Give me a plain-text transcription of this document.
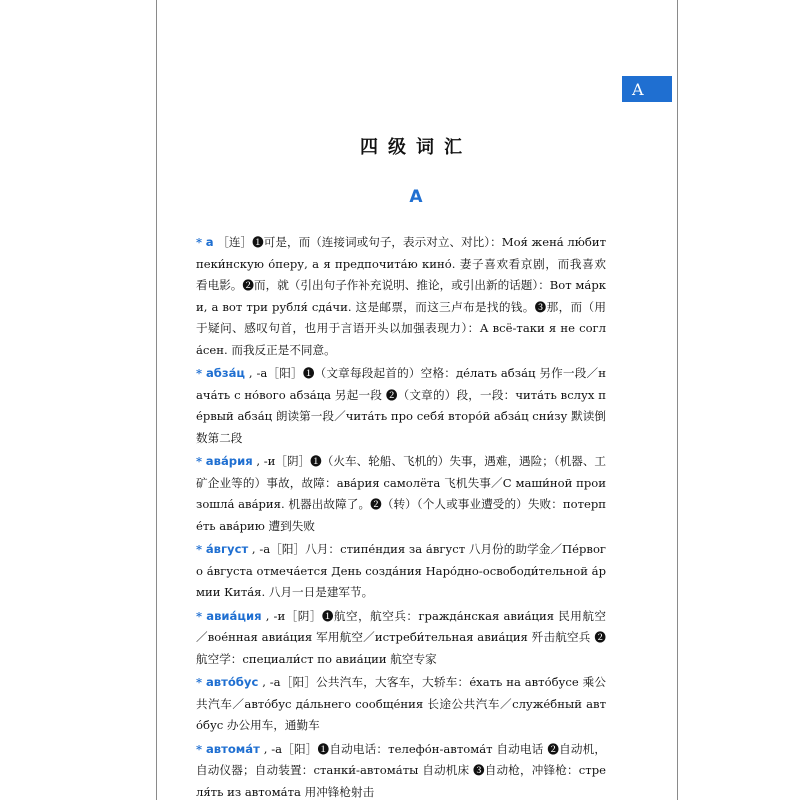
A
四级词汇
A
* а ［连］❶可是，而（连接词或句子，表示对立、对比）：Моя́ жена́ лю́бит пеки́нскую о́перу, а я предпочита́ю кино́. 妻子喜欢看京剧，而我喜欢看电影。❷而，就（引出句子作补充说明、推论，或引出新的话题）：Вот ма́рки, а вот три рубля́ сда́чи. 这是邮票，而这三卢布是找的钱。❸那，而（用于疑问、感叹句首，也用于言语开头以加强表现力）：А всё-таки я не согла́сен. 而我反正是不同意。
* абза́ц , -а［阳］❶（文章每段起首的）空格：де́лать абза́ц 另作一段／нача́ть с но́вого абза́ца 另起一段 ❷（文章的）段，一段：чита́ть вслух пе́рвый абза́ц 朗读第一段／чита́ть про себя́ второ́й абза́ц сни́зу 默读倒数第二段
* ава́рия , -и［阴］❶（火车、轮船、飞机的）失事，遇难，遇险；（机器、工矿企业等的）事故，故障：ава́рия самолёта 飞机失事／С маши́ной произошла́ ава́рия. 机器出故障了。❷（转）（个人或事业遭受的）失败：потерпе́ть ава́рию 遭到失败
* а́вгуст , -а［阳］八月：стипе́ндия за а́вгуст 八月份的助学金／Пе́рвого а́вгуста отмеча́ется День созда́ния Наро́дно-освободи́тельной а́рмии Кита́я. 八月一日是建军节。
* авиа́ция , -и［阴］❶航空，航空兵：гражда́нская авиа́ция 民用航空／вое́нная авиа́ция 军用航空／истреби́тельная авиа́ция 歼击航空兵 ❷航空学：специали́ст по авиа́ции 航空专家
* авто́бус , -а［阳］公共汽车，大客车，大轿车：е́хать на авто́бусе 乘公共汽车／авто́бус да́льнего сообще́ния 长途公共汽车／служе́бный авто́бус 办公用车，通勤车
* автома́т , -а［阳］❶自动电话：телефо́н-автома́т 自动电话 ❷自动机，自动仪器；自动装置：станки́-автома́ты 自动机床 ❸自动枪，冲锋枪：стреля́ть из автома́та 用冲锋枪射击
